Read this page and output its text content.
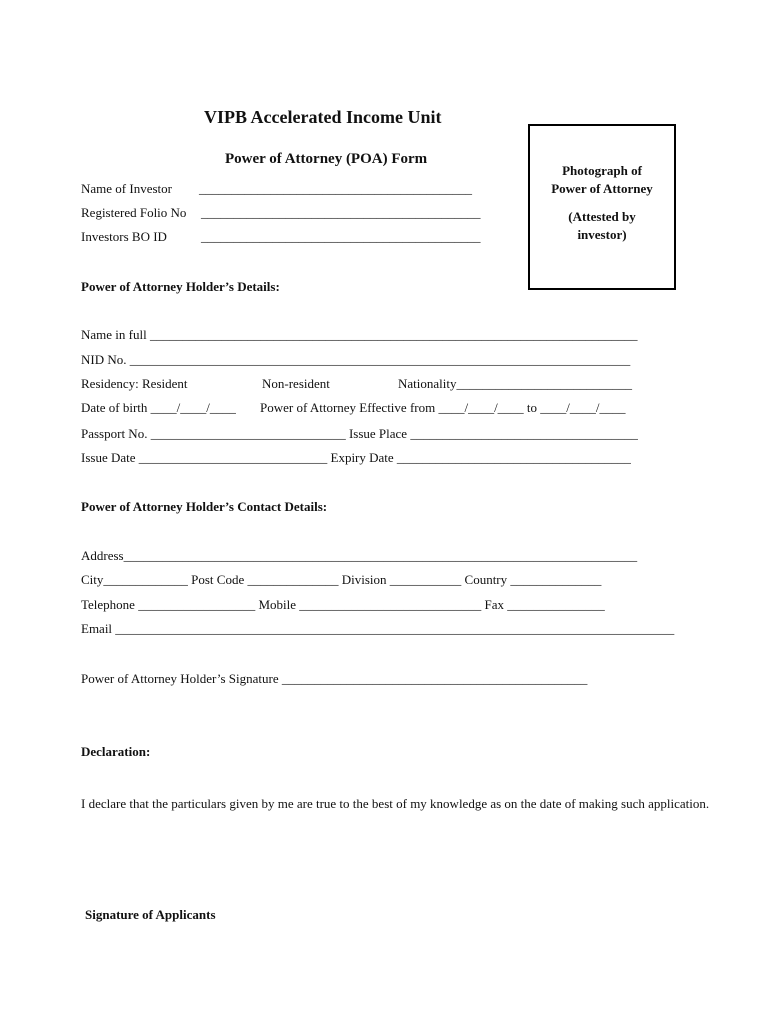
VIPB Accelerated Income Unit
Power of Attorney (POA) Form
Photograph of
Power of Attorney
(Attested by
investor)
Name of Investor __________________________________________
Registered Folio No ___________________________________________
Investors BO ID	___________________________________________
Power of Attorney Holder’s Details:
Name in full ___________________________________________________________________________
NID No. _____________________________________________________________________________
Residency: Resident	Non-resident	Nationality___________________________
Date of birth ____/____/____ Power of Attorney Effective from ____/____/____ to ____/____/____
Passport No. ______________________________ Issue Place ___________________________________
Issue Date _____________________________ Expiry Date ____________________________________
Power of Attorney Holder’s Contact Details:
Address_______________________________________________________________________________
City_____________ Post Code ______________ Division ___________ Country ______________
Telephone __________________ Mobile ____________________________ Fax _______________
Email ______________________________________________________________________________________
Power of Attorney Holder’s Signature _______________________________________________
Declaration:
I declare that the particulars given by me are true to the best of my knowledge as on the date of making such application.
Signature of Applicants
